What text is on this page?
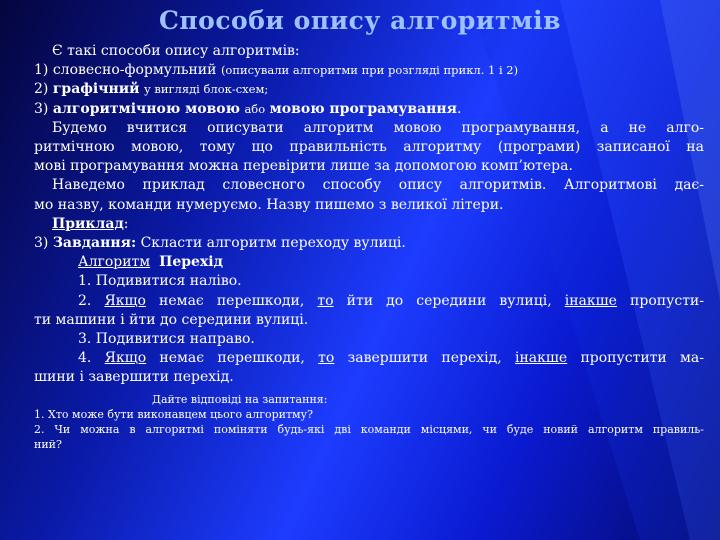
Способи опису алгоритмів
Є такі способи опису алгоритмів:
1) словесно-формульний (описували алгоритми при розгляді прикл. 1 і 2)
2) графічний у вигляді блок-схем;
3) алгоритмічною мовою або мовою програмування.
Будемо вчитися описувати алгоритм мовою програмування, а не алго-
ритмічною мовою, тому що правильність алгоритму (програми) записаної на
мові програмування можна перевірити лише за допомогою комп’ютера.
Наведемо приклад словесного способу опису алгоритмів. Алгоритмові дає-
мо назву, команди нумеруємо. Назву пишемо з великої літери.
Приклад:
3) Завдання: Скласти алгоритм переходу вулиці.
Алгоритм Перехід
1. Подивитися наліво.
2. Якщо немає перешкоди, то йти до середини вулиці, інакше пропусти-
ти машини і йти до середини вулиці.
3. Подивитися направо.
4. Якщо немає перешкоди, то завершити перехід, інакше пропустити ма-
шини і завершити перехід.
Дайте відповіді на запитання:
1. Хто може бути виконавцем цього алгоритму?
2. Чи можна в алгоритмі поміняти будь-які дві команди місцями, чи буде новий алгоритм правиль-
ний?
